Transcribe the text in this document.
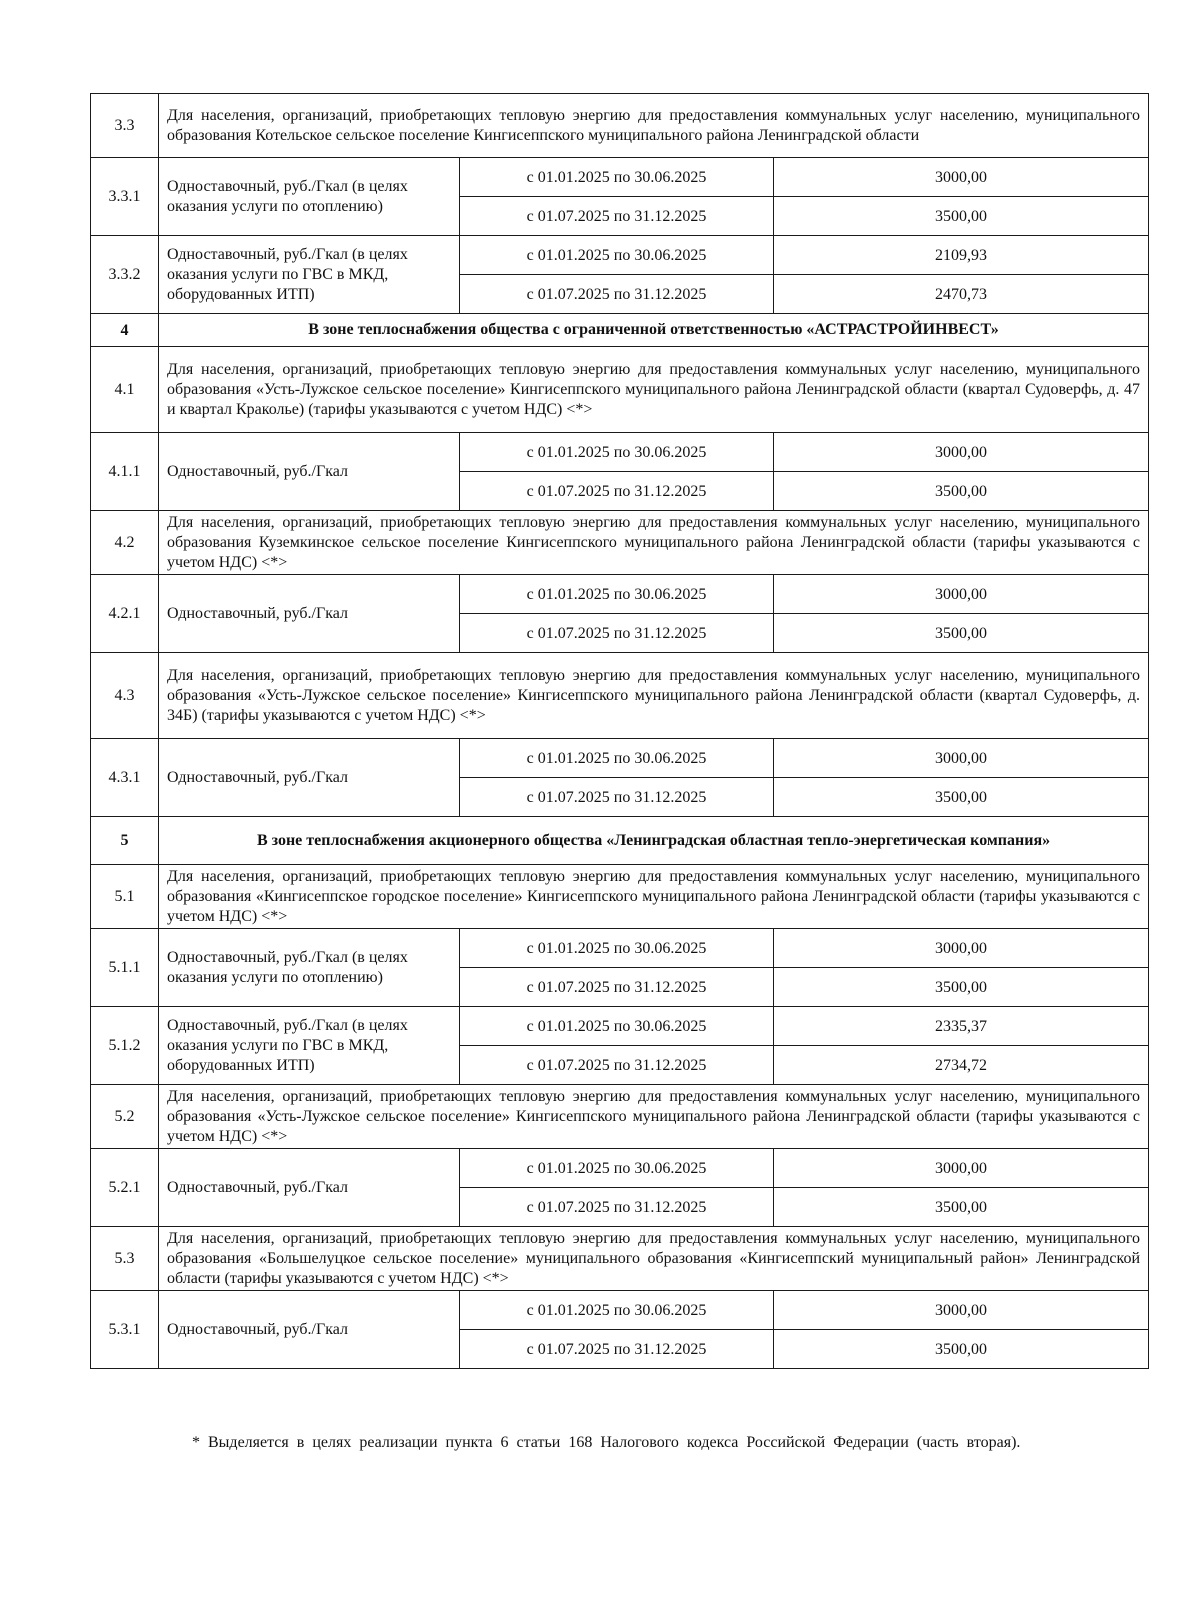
3.3	Для населения, организаций, приобретающих тепловую энергию для предоставления коммунальных услуг населению, муниципального образования Котельское сельское поселение Кингисеппского муниципального района Ленинградской области		
3.3.1	Одноставочный, руб./Гкал (в целях оказания услуги по отоплению)	с 01.01.2025 по 30.06.2025	3000,00
		с 01.07.2025 по 31.12.2025	3500,00
3.3.2	Одноставочный, руб./Гкал (в целях оказания услуги по ГВС в МКД, оборудованных ИТП)	с 01.01.2025 по 30.06.2025	2109,93
		с 01.07.2025 по 31.12.2025	2470,73
4	В зоне теплоснабжения общества с ограниченной ответственностью «АСТРАСТРОЙИНВЕСТ»		
4.1	Для населения, организаций, приобретающих тепловую энергию для предоставления коммунальных услуг населению, муниципального образования «Усть-Лужское сельское поселение» Кингисеппского муниципального района Ленинградской области (квартал Судоверфь, д. 47 и квартал Краколье) (тарифы указываются с учетом НДС) <*>		
4.1.1	Одноставочный, руб./Гкал	с 01.01.2025 по 30.06.2025	3000,00
		с 01.07.2025 по 31.12.2025	3500,00
4.2	Для населения, организаций, приобретающих тепловую энергию для предоставления коммунальных услуг населению, муниципального образования Куземкинское сельское поселение Кингисеппского муниципального района Ленинградской области (тарифы указываются с учетом НДС) <*>		
4.2.1	Одноставочный, руб./Гкал	с 01.01.2025 по 30.06.2025	3000,00
		с 01.07.2025 по 31.12.2025	3500,00
4.3	Для населения, организаций, приобретающих тепловую энергию для предоставления коммунальных услуг населению, муниципального образования «Усть-Лужское сельское поселение» Кингисеппского муниципального района Ленинградской области (квартал Судоверфь, д. 34Б) (тарифы указываются с учетом НДС) <*>		
4.3.1	Одноставочный, руб./Гкал	с 01.01.2025 по 30.06.2025	3000,00
		с 01.07.2025 по 31.12.2025	3500,00
5	В зоне теплоснабжения акционерного общества «Ленинградская областная тепло-энергетическая компания»		
5.1	Для населения, организаций, приобретающих тепловую энергию для предоставления коммунальных услуг населению, муниципального образования «Кингисеппское городское поселение» Кингисеппского муниципального района Ленинградской области (тарифы указываются с учетом НДС) <*>		
5.1.1	Одноставочный, руб./Гкал (в целях оказания услуги по отоплению)	с 01.01.2025 по 30.06.2025	3000,00
		с 01.07.2025 по 31.12.2025	3500,00
5.1.2	Одноставочный, руб./Гкал (в целях оказания услуги по ГВС в МКД, оборудованных ИТП)	с 01.01.2025 по 30.06.2025	2335,37
		с 01.07.2025 по 31.12.2025	2734,72
5.2	Для населения, организаций, приобретающих тепловую энергию для предоставления коммунальных услуг населению, муниципального образования «Усть-Лужское сельское поселение» Кингисеппского муниципального района Ленинградской области (тарифы указываются с учетом НДС) <*>		
5.2.1	Одноставочный, руб./Гкал	с 01.01.2025 по 30.06.2025	3000,00
		с 01.07.2025 по 31.12.2025	3500,00
5.3	Для населения, организаций, приобретающих тепловую энергию для предоставления коммунальных услуг населению, муниципального образования «Большелуцкое сельское поселение» муниципального образования «Кингисеппский муниципальный район» Ленинградской области (тарифы указываются с учетом НДС) <*>		
5.3.1	Одноставочный, руб./Гкал	с 01.01.2025 по 30.06.2025	3000,00
		с 01.07.2025 по 31.12.2025	3500,00
* Выделяется в целях реализации пункта 6 статьи 168 Налогового кодекса Российской Федерации (часть вторая).
